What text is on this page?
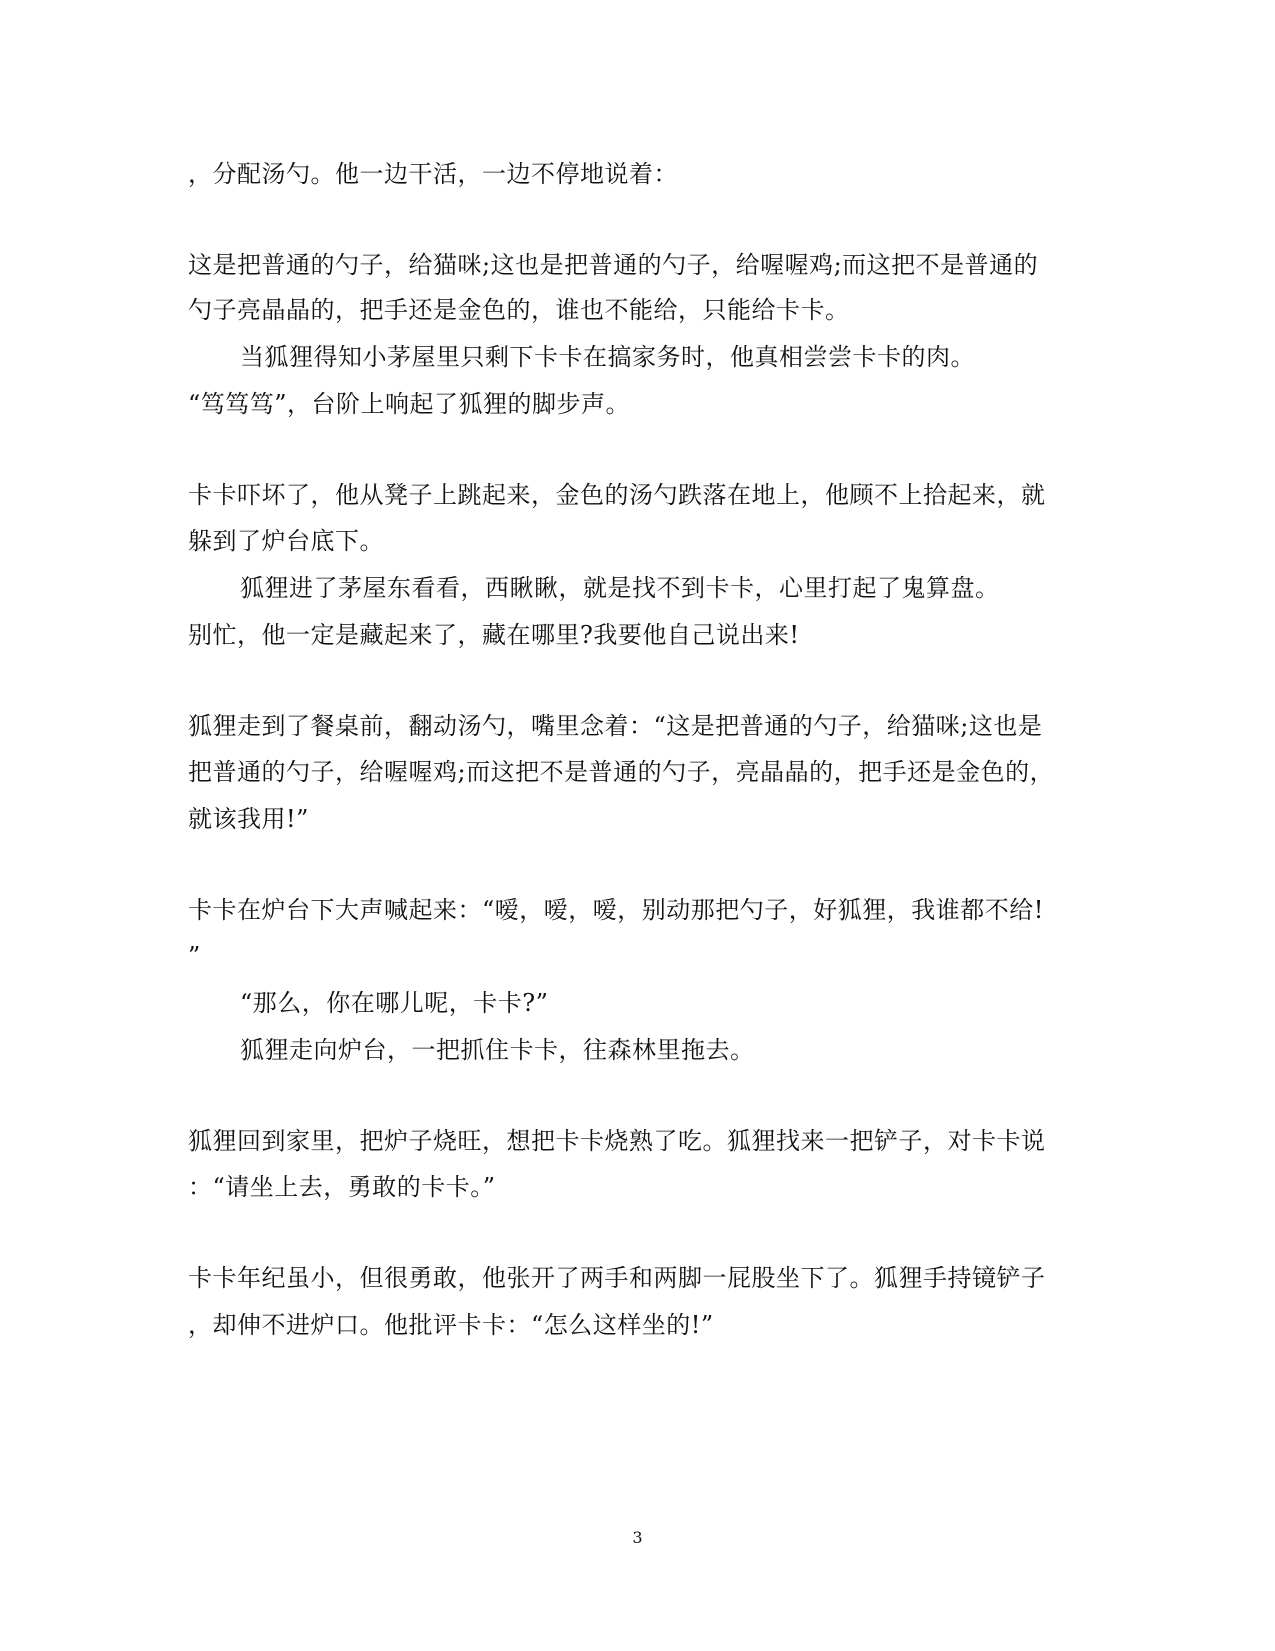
，分配汤勺。他一边干活，一边不停地说着：
这是把普通的勺子，给猫咪;这也是把普通的勺子，给喔喔鸡;而这把不是普通的
勺子亮晶晶的，把手还是金色的，谁也不能给，只能给卡卡。
当狐狸得知小茅屋里只剩下卡卡在搞家务时，他真相尝尝卡卡的肉。
“笃笃笃”，台阶上响起了狐狸的脚步声。
卡卡吓坏了，他从凳子上跳起来，金色的汤勺跌落在地上，他顾不上拾起来，就
躲到了炉台底下。
狐狸进了茅屋东看看，西瞅瞅，就是找不到卡卡，心里打起了鬼算盘。
别忙，他一定是藏起来了，藏在哪里?我要他自己说出来!
狐狸走到了餐桌前，翻动汤勺，嘴里念着：“这是把普通的勺子，给猫咪;这也是
把普通的勺子，给喔喔鸡;而这把不是普通的勺子，亮晶晶的，把手还是金色的，
就该我用!”
卡卡在炉台下大声喊起来：“嗳，嗳，嗳，别动那把勺子，好狐狸，我谁都不给!
”
“那么，你在哪儿呢，卡卡?”
狐狸走向炉台，一把抓住卡卡，往森林里拖去。
狐狸回到家里，把炉子烧旺，想把卡卡烧熟了吃。狐狸找来一把铲子，对卡卡说
：“请坐上去，勇敢的卡卡。”
卡卡年纪虽小，但很勇敢，他张开了两手和两脚一屁股坐下了。狐狸手持镜铲子
，却伸不进炉口。他批评卡卡：“怎么这样坐的!”
3
